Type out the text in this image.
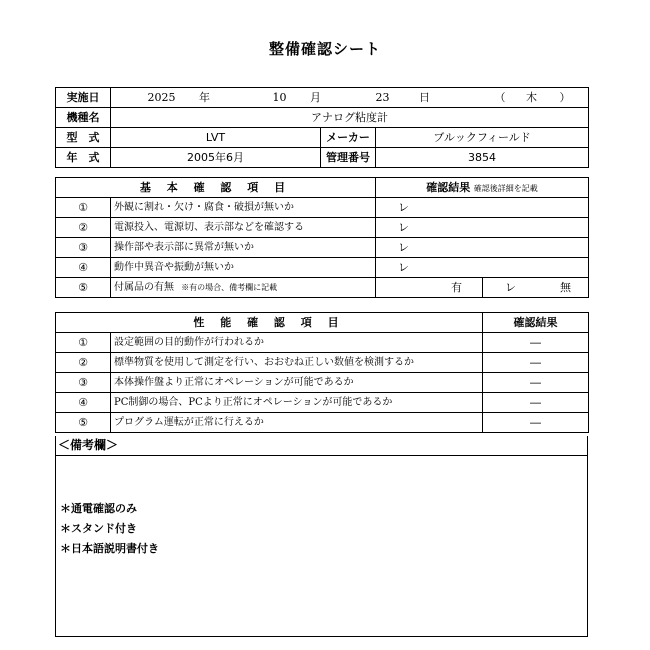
整備確認シート
実施日	2025 年 10 月 23 日 （ 木 ）		
機種名	アナログ粘度計		
型　式	LVT	メーカー	ブルックフィールド
年　式	2005年6月	管理番号	3854
基 本 確 認 項 目		確認結果 確認後詳細を記載	
①	外観に割れ・欠け・腐食・破損が無いか	レ	
②	電源投入、電源切、表示部などを確認する	レ	
③	操作部や表示部に異常が無いか	レ	
④	動作中異音や振動が無いか	レ	
⑤	付属品の有無 ※有の場合、備考欄に記載	有	レ 無
性 能 確 認 項 目		確認結果
①	設定範囲の目的動作が行われるか	―
②	標準物質を使用して測定を行い、おおむね正しい数値を検測するか	―
③	本体操作盤より正常にオペレーションが可能であるか	―
④	PC制御の場合、PCより正常にオペレーションが可能であるか	―
⑤	プログラム運転が正常に行えるか	―
＜備考欄＞
＊通電確認のみ
＊スタンド付き
＊日本語説明書付き
